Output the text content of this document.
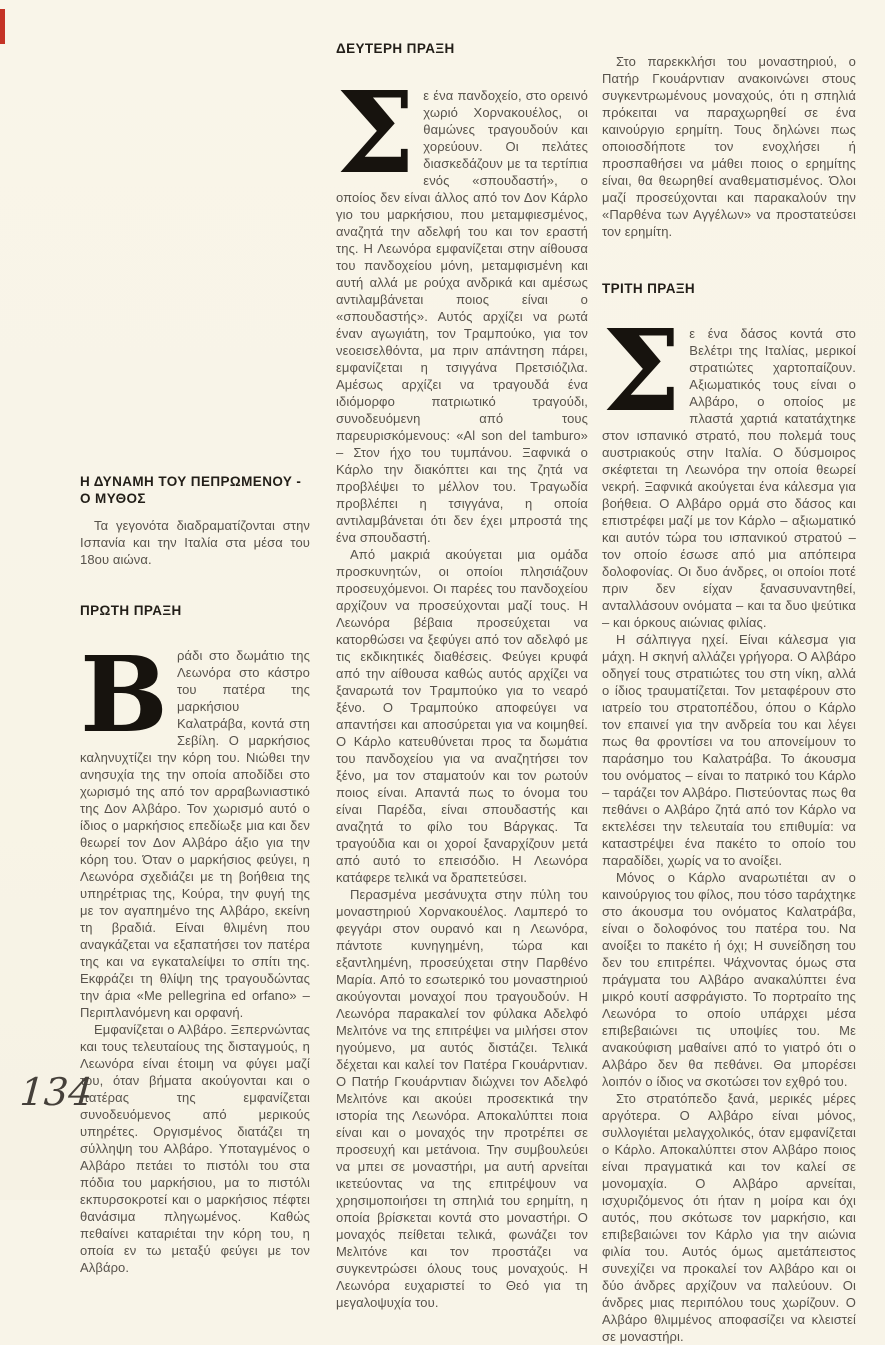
Η ΔΥΝΑΜΗ ΤΟΥ ΠΕΠΡΩΜΕΝΟΥ -
Ο ΜΥΘΟΣ

Τα γεγονότα διαδραματίζονται στην Ισπανία και την Ιταλία στα μέσα του 18ου αιώνα.

ΠΡΩΤΗ ΠΡΑΞΗ

Βράδι στο δωμάτιο της Λεωνόρα στο κάστρο του πατέρα της μαρκήσιου Καλατράβα, κοντά στη Σεβίλη. Ο μαρκήσιος καληνυχτίζει την κόρη του. Νιώθει την ανησυχία της την οποία αποδίδει στο χωρισμό της από τον αρραβωνιαστικό της Δον Αλβάρο. Τον χωρισμό αυτό ο ίδιος ο μαρκήσιος επεδίωξε μια και δεν θεωρεί τον Δον Αλβάρο άξιο για την κόρη του. Όταν ο μαρκήσιος φεύγει, η Λεωνόρα σχεδιάζει με τη βοήθεια της υπηρέτριας της, Κούρα, την φυγή της με τον αγαπημένο της Αλβάρο, εκείνη τη βραδιά. Είναι θλιμένη που αναγκάζεται να εξαπατήσει τον πατέρα της και να εγκαταλείψει το σπίτι της. Εκφράζει τη θλίψη της τραγουδώντας την άρια «Me pellegrina ed orfano» – Περιπλανόμενη και ορφανή.

Εμφανίζεται ο Αλβάρο. Ξεπερνώντας και τους τελευταίους της δισταγμούς, η Λεωνόρα είναι έτοιμη να φύγει μαζί του, όταν βήματα ακούγονται και ο πατέρας της εμφανίζεται συνοδευόμενος από μερικούς υπηρέτες. Οργισμένος διατάζει τη σύλληψη του Αλβάρο. Υποταγμένος ο Αλβάρο πετάει το πιστόλι του στα πόδια του μαρκήσιου, μα το πιστόλι εκπυρσοκροτεί και ο μαρκήσιος πέφτει θανάσιμα πληγωμένος. Καθώς πεθαίνει καταριέται την κόρη του, η οποία εν τω μεταξύ φεύγει με τον Αλβάρο.

ΔΕΥΤΕΡΗ ΠΡΑΞΗ

Σε ένα πανδοχείο, στο ορεινό χωριό Χορνακουέλος, οι θαμώνες τραγουδούν και χορεύουν. Οι πελάτες διασκεδάζουν με τα τερτίπια ενός «σπουδαστή», ο οποίος δεν είναι άλλος από τον Δον Κάρλο γιο του μαρκήσιου, που μεταμφιεσμένος, αναζητά την αδελφή του και τον εραστή της. Η Λεωνόρα εμφανίζεται στην αίθουσα του πανδοχείου μόνη, μεταμφισμένη και αυτή αλλά με ρούχα ανδρικά και αμέσως αντιλαμβάνεται ποιος είναι ο «σπουδαστής». Αυτός αρχίζει να ρωτά έναν αγωγιάτη, τον Τραμπούκο, για τον νεοεισελθόντα, μα πριν απάντηση πάρει, εμφανίζεται η τσιγγάνα Πρετσιόζιλα. Αμέσως αρχίζει να τραγουδά ένα ιδιόμορφο πατριωτικό τραγούδι, συνοδευόμενη από τους παρευρισκόμενους: «Al son del tamburo» – Στον ήχο του τυμπάνου. Ξαφνικά ο Κάρλο την διακόπτει και της ζητά να προβλέψει το μέλλον του. Τραγωδία προβλέπει η τσιγγάνα, η οποία αντιλαμβάνεται ότι δεν έχει μπροστά της ένα σπουδαστή.

Από μακριά ακούγεται μια ομάδα προσκυνητών, οι οποίοι πλησιάζουν προσευχόμενοι. Οι παρέες του πανδοχείου αρχίζουν να προσεύχονται μαζί τους. Η Λεωνόρα βέβαια προσεύχεται να κατορθώσει να ξεφύγει από τον αδελφό με τις εκδικητικές διαθέσεις. Φεύγει κρυφά από την αίθουσα καθώς αυτός αρχίζει να ξαναρωτά τον Τραμπούκο για το νεαρό ξένο. Ο Τραμπούκο αποφεύγει να απαντήσει και αποσύρεται για να κοιμηθεί. Ο Κάρλο κατευθύνεται προς τα δωμάτια του πανδοχείου για να αναζητήσει τον ξένο, μα τον σταματούν και τον ρωτούν ποιος είναι. Απαντά πως το όνομα του είναι Παρέδα, είναι σπουδαστής και αναζητά το φίλο του Βάργκας. Τα τραγούδια και οι χοροί ξαναρχίζουν μετά από αυτό το επεισόδιο. Η Λεωνόρα κατάφερε τελικά να δραπετεύσει.

Περασμένα μεσάνυχτα στην πύλη του μοναστηριού Χορνακουέλος. Λαμπερό το φεγγάρι στον ουρανό και η Λεωνόρα, πάντοτε κυνηγημένη, τώρα και εξαντλημένη, προσεύχεται στην Παρθένο Μαρία. Από το εσωτερικό του μοναστηριού ακούγονται μοναχοί που τραγουδούν. Η Λεωνόρα παρακαλεί τον φύλακα Αδελφό Μελιτόνε να της επιτρέψει να μιλήσει στον ηγούμενο, μα αυτός διστάζει. Τελικά δέχεται και καλεί τον Πατέρα Γκουάρντιαν. Ο Πατήρ Γκουάρντιαν διώχνει τον Αδελφό Μελιτόνε και ακούει προσεκτικά την ιστορία της Λεωνόρα. Αποκαλύπτει ποια είναι και ο μοναχός την προτρέπει σε προσευχή και μετάνοια. Την συμβουλεύει να μπει σε μοναστήρι, μα αυτή αρνείται ικετεύοντας να της επιτρέψουν να χρησιμοποιήσει τη σπηλιά του ερημίτη, η οποία βρίσκεται κοντά στο μοναστήρι. Ο μοναχός πείθεται τελικά, φωνάζει τον Μελιτόνε και τον προστάζει να συγκεντρώσει όλους τους μοναχούς. Η Λεωνόρα ευχαριστεί το Θεό για τη μεγαλοψυχία του.

Στο παρεκκλήσι του μοναστηριού, ο Πατήρ Γκουάρντιαν ανακοινώνει στους συγκεντρωμένους μοναχούς, ότι η σπηλιά πρόκειται να παραχωρηθεί σε ένα καινούργιο ερημίτη. Τους δηλώνει πως οποιοσδήποτε τον ενοχλήσει ή προσπαθήσει να μάθει ποιος ο ερημίτης είναι, θα θεωρηθεί αναθεματισμένος. Όλοι μαζί προσεύχονται και παρακαλούν την «Παρθένα των Αγγέλων» να προστατεύσει τον ερημίτη.

ΤΡΙΤΗ ΠΡΑΞΗ

Σε ένα δάσος κοντά στο Βελέτρι της Ιταλίας, μερικοί στρατιώτες χαρτοπαίζουν. Αξιωματικός τους είναι ο Αλβάρο, ο οποίος με πλαστά χαρτιά κατατάχτηκε στον ισπανικό στρατό, που πολεμά τους αυστριακούς στην Ιταλία. Ο δύσμοιρος σκέφτεται τη Λεωνόρα την οποία θεωρεί νεκρή. Ξαφνικά ακούγεται ένα κάλεσμα για βοήθεια. Ο Αλβάρο ορμά στο δάσος και επιστρέφει μαζί με τον Κάρλο – αξιωματικό και αυτόν τώρα του ισπανικού στρατού – τον οποίο έσωσε από μια απόπειρα δολοφονίας. Οι δυο άνδρες, οι οποίοι ποτέ πριν δεν είχαν ξανασυναντηθεί, ανταλλάσουν ονόματα – και τα δυο ψεύτικα – και όρκους αιώνιας φιλίας.

Η σάλπιγγα ηχεί. Είναι κάλεσμα για μάχη. Η σκηνή αλλάζει γρήγορα. Ο Αλβάρο οδηγεί τους στρατιώτες του στη νίκη, αλλά ο ίδιος τραυματίζεται. Τον μεταφέρουν στο ιατρείο του στρατοπέδου, όπου ο Κάρλο τον επαινεί για την ανδρεία του και λέγει πως θα φροντίσει να του απονείμουν το παράσημο του Καλατράβα. Το άκουσμα του ονόματος – είναι το πατρικό του Κάρλο – ταράζει τον Αλβάρο. Πιστεύοντας πως θα πεθάνει ο Αλβάρο ζητά από τον Κάρλο να εκτελέσει την τελευταία του επιθυμία: να καταστρέψει ένα πακέτο το οποίο του παραδίδει, χωρίς να το ανοίξει.

Μόνος ο Κάρλο αναρωτιέται αν ο καινούργιος του φίλος, που τόσο ταράχτηκε στο άκουσμα του ονόματος Καλατράβα, είναι ο δολοφόνος του πατέρα του. Να ανοίξει το πακέτο ή όχι; Η συνείδηση του δεν του επιτρέπει. Ψάχνοντας όμως στα πράγματα του Αλβάρο ανακαλύπτει ένα μικρό κουτί ασφράγιστο. Το πορτραίτο της Λεωνόρα το οποίο υπάρχει μέσα επιβεβαιώνει τις υποψίες του. Με ανακούφιση μαθαίνει από το γιατρό ότι ο Αλβάρο δεν θα πεθάνει. Θα μπορέσει λοιπόν ο ίδιος να σκοτώσει τον εχθρό του.

Στο στρατόπεδο ξανά, μερικές μέρες αργότερα. Ο Αλβάρο είναι μόνος, συλλογιέται μελαγχολικός, όταν εμφανίζεται ο Κάρλο. Αποκαλύπτει στον Αλβάρο ποιος είναι πραγματικά και τον καλεί σε μονομαχία. Ο Αλβάρο αρνείται, ισχυριζόμενος ότι ήταν η μοίρα και όχι αυτός, που σκότωσε τον μαρκήσιο, και επιβεβαιώνει τον Κάρλο για την αιώνια φιλία του. Αυτός όμως αμετάπειστος συνεχίζει να προκαλεί τον Αλβάρο και οι δύο άνδρες αρχίζουν να παλεύουν. Οι άνδρες μιας περιπόλου τους χωρίζουν. Ο Αλβάρο θλιμμένος αποφασίζει να κλειστεί σε μοναστήρι.

134
